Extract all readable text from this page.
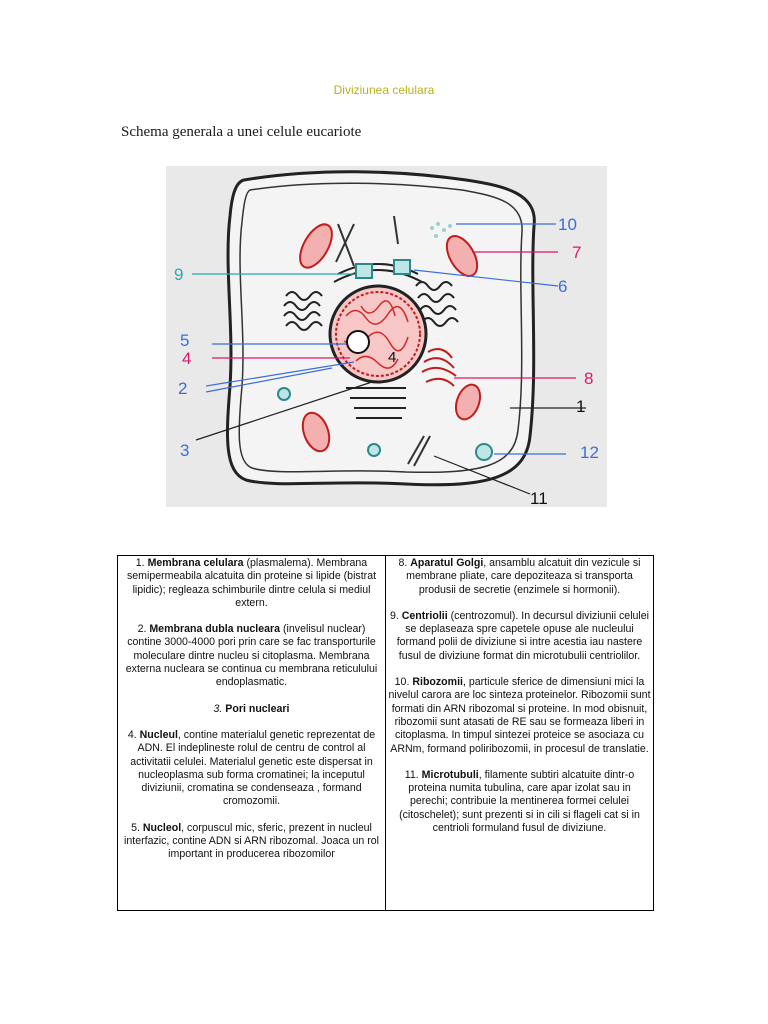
Diviziunea celulara
Schema generala a unei celule eucariote
4
1
2
3
4
5
6
7
8
9
10
11
12

1. Membrana celulara (plasmalema). Membrana semipermeabila alcatuita din proteine si lipide (bistrat lipidic); regleaza schimburile dintre celula si mediul extern.

2. Membrana dubla nucleara (invelisul nuclear) contine 3000-4000 pori prin care se fac transporturile moleculare dintre nucleu si citoplasma. Membrana externa nucleara se continua cu membrana reticulului endoplasmatic.

3. Pori nucleari

4. Nucleul, contine materialul genetic reprezentat de ADN. El indeplineste rolul de centru de control al activitatii celulei. Materialul genetic este dispersat in nucleoplasma sub forma cromatinei; la inceputul diviziunii, cromatina se condenseaza , formand cromozomii.

5. Nucleol, corpuscul mic, sferic, prezent in nucleul interfazic, contine ADN si ARN ribozomal. Joaca un rol important in producerea ribozomilor

8. Aparatul Golgi, ansamblu alcatuit din vezicule si membrane pliate, care depoziteaza si transporta produsii de secretie (enzimele si hormonii).

9. Centriolii (centrozomul). In decursul diviziunii celulei se deplaseaza spre capetele opuse ale nucleului formand polii de diviziune si intre acestia iau nastere fusul de diviziune format din microtubulii centriolilor.

10. Ribozomii, particule sferice de dimensiuni mici la nivelul carora are loc sinteza proteinelor. Ribozomii sunt formati din ARN ribozomal si proteine. In mod obisnuit, ribozomii sunt atasati de RE sau se formeaza liberi in citoplasma. In timpul sintezei proteice se asociaza cu ARNm, formand poliribozomii, in procesul de translatie.

11. Microtubuli, filamente subtiri alcatuite dintr-o proteina numita tubulina, care apar izolat sau in perechi; contribuie la mentinerea formei celulei (citoschelet); sunt prezenti si in cili si flageli cat si in centrioli formuland fusul de diviziune.
